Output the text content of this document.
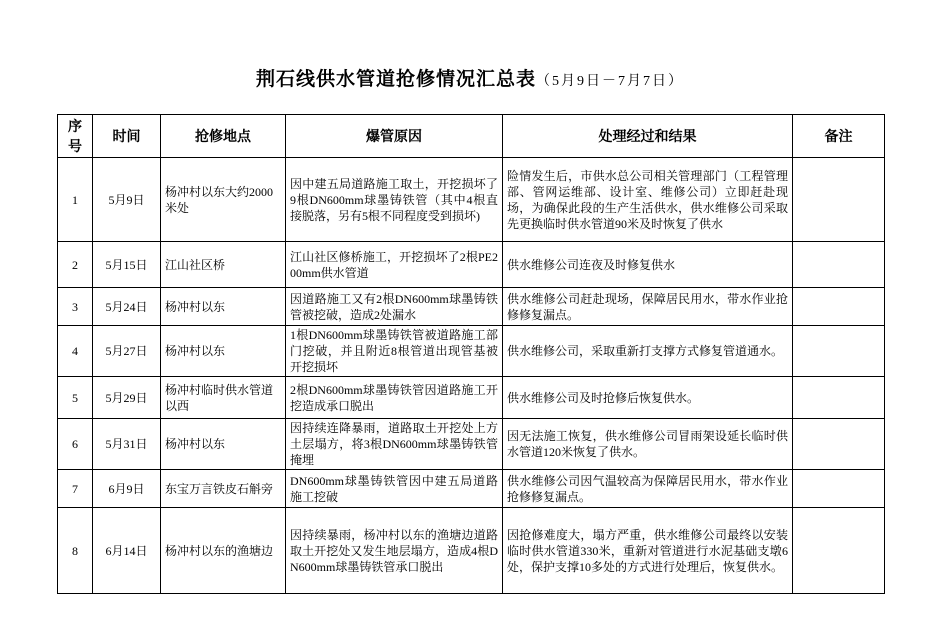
荆石线供水管道抢修情况汇总表（5月9日－7月7日）
序号	时间	抢修地点	爆管原因	处理经过和结果	备注
1	5月9日	杨冲村以东大约2000米处	因中建五局道路施工取土，开挖损坏了9根DN600mm球墨铸铁管（其中4根直接脱落，另有5根不同程度受到损坏)	险情发生后，市供水总公司相关管理部门（工程管理部、管网运维部、设计室、维修公司）立即赶赴现场，为确保此段的生产生活供水，供水维修公司采取先更换临时供水管道90米及时恢复了供水	
2	5月15日	江山社区桥	江山社区修桥施工，开挖损坏了2根PE200mm供水管道	供水维修公司连夜及时修复供水	
3	5月24日	杨冲村以东	因道路施工又有2根DN600mm球墨铸铁管被挖破，造成2处漏水	供水维修公司赶赴现场，保障居民用水，带水作业抢修修复漏点。	
4	5月27日	杨冲村以东	1根DN600mm球墨铸铁管被道路施工部门挖破，并且附近8根管道出现管基被开挖损坏	供水维修公司，采取重新打支撑方式修复管道通水。	
5	5月29日	杨冲村临时供水管道以西	2根DN600mm球墨铸铁管因道路施工开挖造成承口脱出	供水维修公司及时抢修后恢复供水。	
6	5月31日	杨冲村以东	因持续连降暴雨，道路取土开挖处上方土层塌方，将3根DN600mm球墨铸铁管掩埋	因无法施工恢复，供水维修公司冒雨架设延长临时供水管道120米恢复了供水。	
7	6月9日	东宝万言铁皮石斛旁	DN600mm球墨铸铁管因中建五局道路施工挖破	供水维修公司因气温较高为保障居民用水，带水作业抢修修复漏点。	
8	6月14日	杨冲村以东的渔塘边	因持续暴雨，杨冲村以东的渔塘边道路取土开挖处又发生地层塌方，造成4根DN600mm球墨铸铁管承口脱出	因抢修难度大，塌方严重，供水维修公司最终以安装临时供水管道330米，重新对管道进行水泥基础支墩6处，保护支撑10多处的方式进行处理后，恢复供水。	
